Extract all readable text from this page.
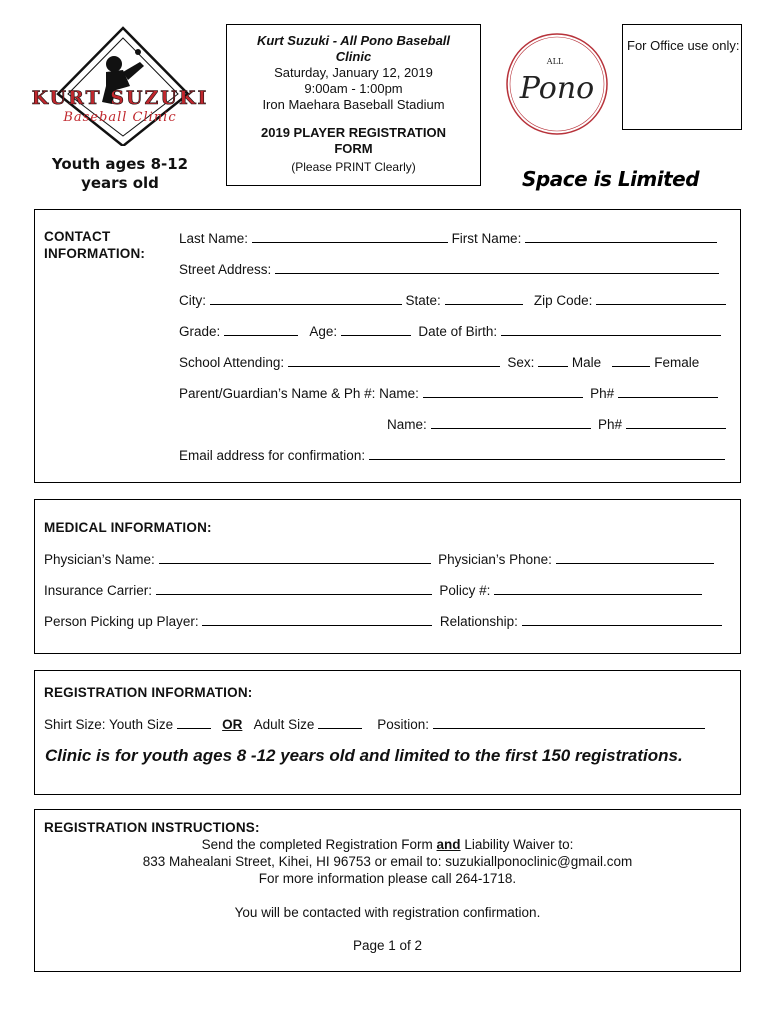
KURT SUZUKI
Baseball Clinic
Youth ages 8-12
years old
Kurt Suzuki - All Pono Baseball Clinic
Saturday, January 12, 2019
9:00am - 1:00pm
Iron Maehara Baseball Stadium
2019 PLAYER REGISTRATION FORM
(Please PRINT Clearly)
ALL
Pono
For Office use only:
Space is Limited
CONTACT
INFORMATION:
Last Name:	First Name:
Street Address:
City:	State:	Zip Code:
Grade:	Age:	Date of Birth:
School Attending:	Sex:	Male	Female
Parent/Guardian’s Name & Ph #: Name:	Ph#
Name:	Ph#
Email address for confirmation:
MEDICAL INFORMATION:
Physician’s Name:	Physician’s Phone:
Insurance Carrier:	Policy #:
Person Picking up Player:	Relationship:
REGISTRATION INFORMATION:
Shirt Size: Youth Size	OR Adult Size	Position:
Clinic is for youth ages 8 -12 years old and limited to the first 150 registrations.
REGISTRATION INSTRUCTIONS:
Send the completed Registration Form and Liability Waiver to:
833 Mahealani Street, Kihei, HI 96753 or email to: suzukiallponoclinic@gmail.com
For more information please call 264-1718.
You will be contacted with registration confirmation.
Page 1 of 2
